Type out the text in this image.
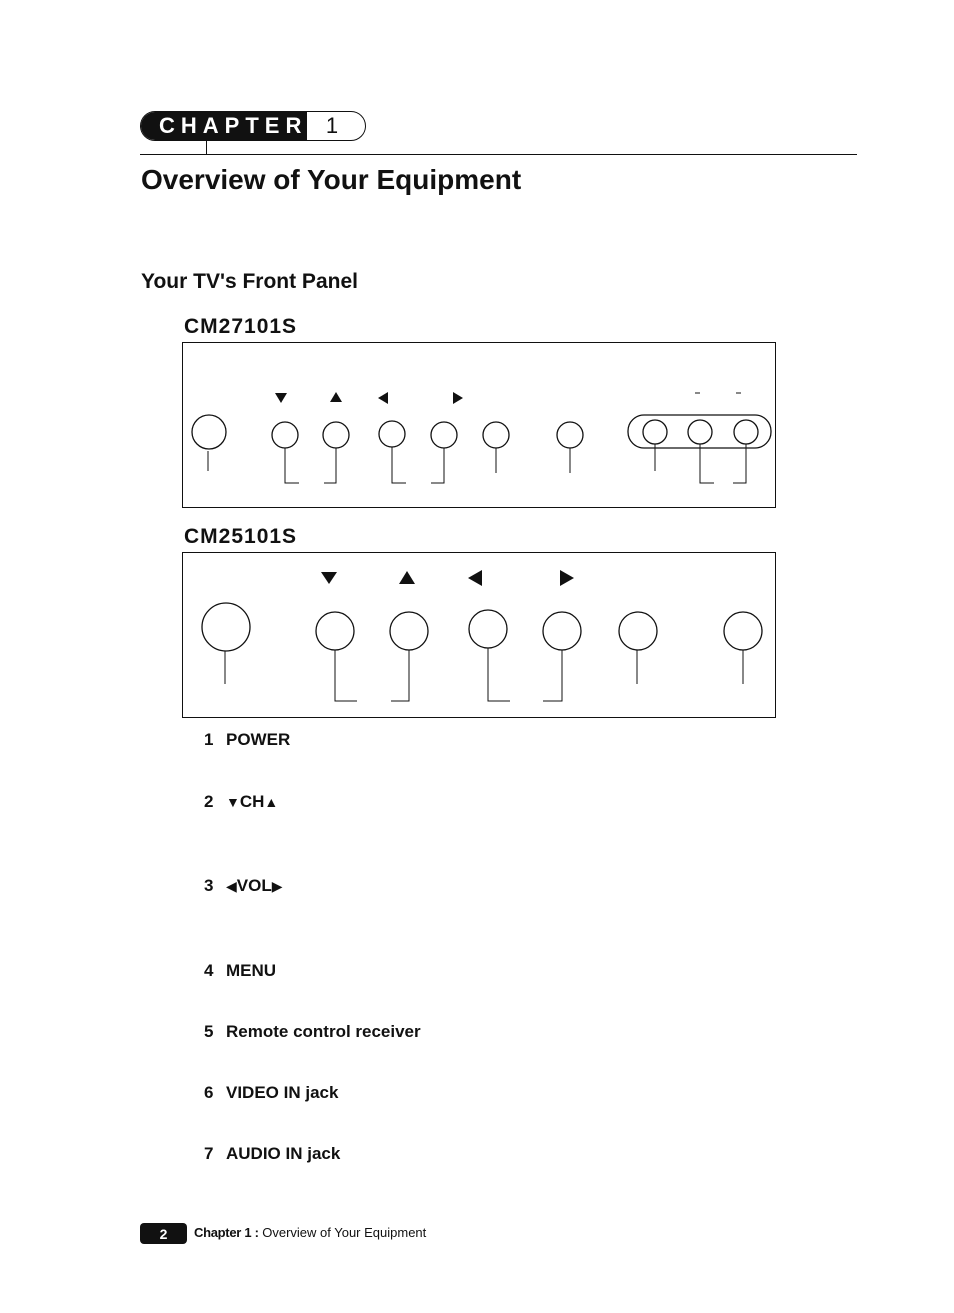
CHAPTER 1
Overview of Your Equipment
Your TV's Front Panel
CM27101S
CM25101S
1 POWER
2 ▼ CH ▲
3 ◀ VOL ▶
4 MENU
5 Remote control receiver
6 VIDEO IN jack
7 AUDIO IN jack
2	Chapter 1 : Overview of Your Equipment
